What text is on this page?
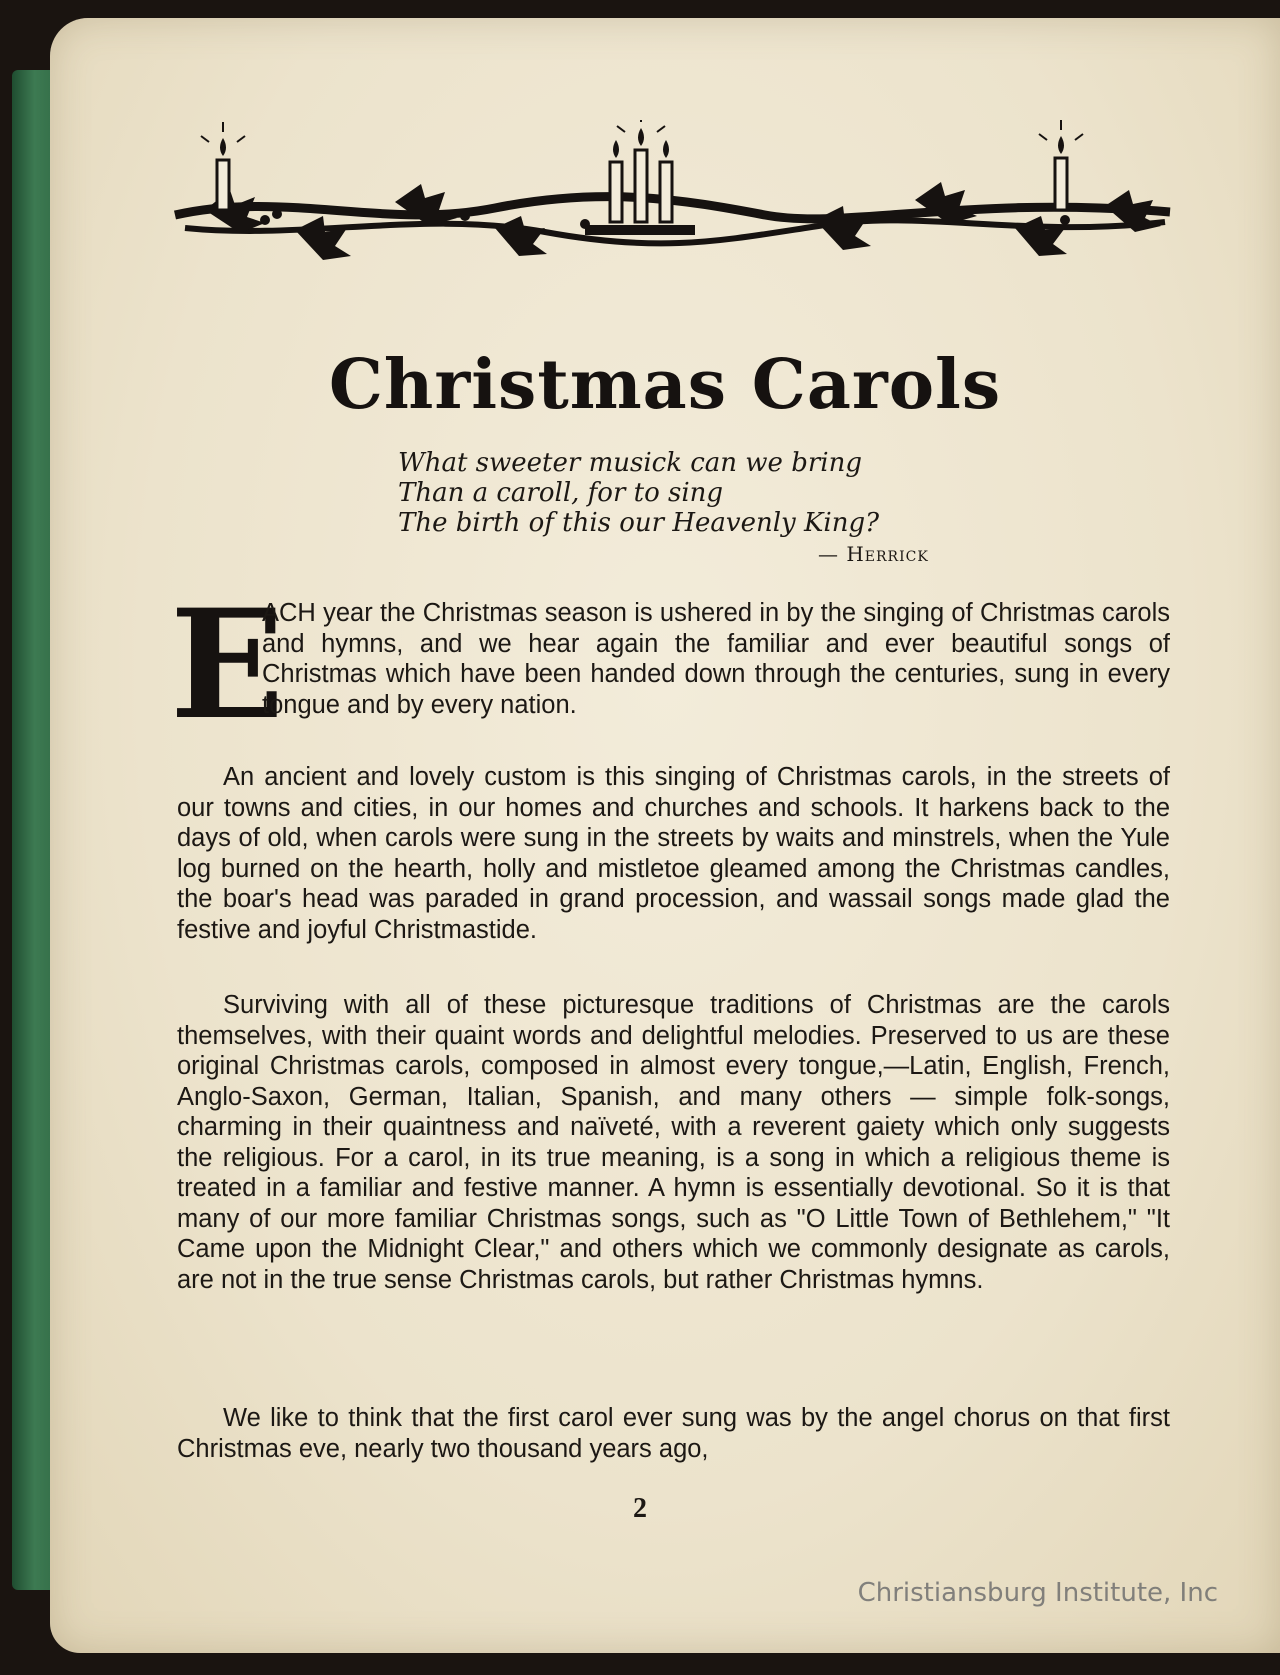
Christmas Carols
What sweeter musick can we bring
Than a caroll, for to sing
The birth of this our Heavenly King?
— Herrick
E
ACH year the Christmas season is ushered in by the singing of Christmas carols and hymns, and we hear again the familiar and ever beautiful songs of Christmas which have been handed down through the centuries, sung in every tongue and by every nation.
An ancient and lovely custom is this singing of Christmas carols, in the streets of our towns and cities, in our homes and churches and schools. It harkens back to the days of old, when carols were sung in the streets by waits and minstrels, when the Yule log burned on the hearth, holly and mistletoe gleamed among the Christmas candles, the boar's head was paraded in grand procession, and wassail songs made glad the festive and joyful Christmastide.
Surviving with all of these picturesque traditions of Christmas are the carols themselves, with their quaint words and delightful melodies. Preserved to us are these original Christmas carols, composed in almost every tongue,—Latin, English, French, Anglo-Saxon, German, Italian, Spanish, and many others — simple folk-songs, charming in their quaintness and naïveté, with a reverent gaiety which only suggests the religious. For a carol, in its true meaning, is a song in which a religious theme is treated in a familiar and festive manner. A hymn is essentially devotional. So it is that many of our more familiar Christmas songs, such as "O Little Town of Bethlehem," "It Came upon the Midnight Clear," and others which we commonly designate as carols, are not in the true sense Christmas carols, but rather Christmas hymns.
We like to think that the first carol ever sung was by the angel chorus on that first Christmas eve, nearly two thousand years ago,
2
Christiansburg Institute, Inc
